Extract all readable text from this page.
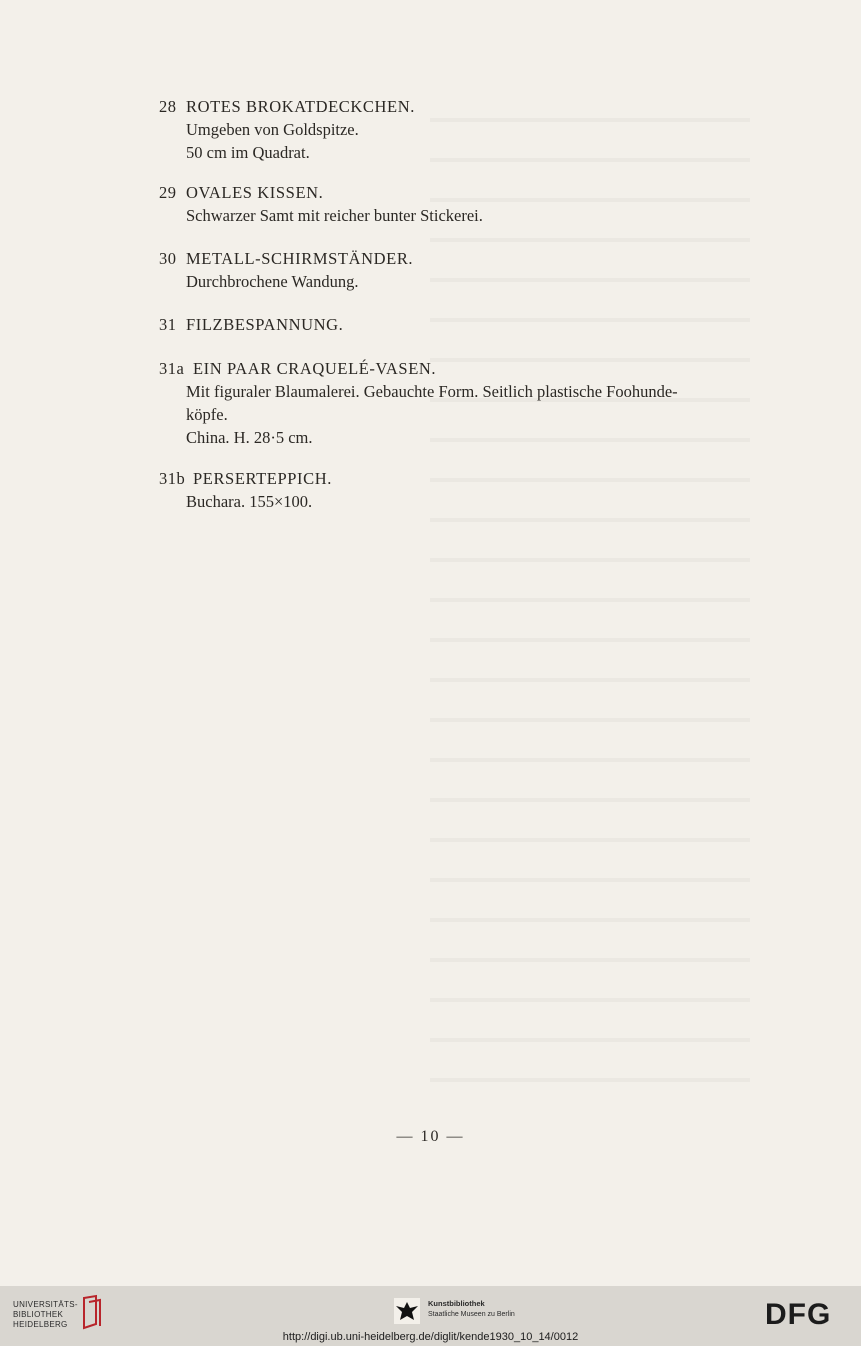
28 ROTES BROKATDECKCHEN.
Umgeben von Goldspitze.
50 cm im Quadrat.
29 OVALES KISSEN.
Schwarzer Samt mit reicher bunter Stickerei.
30 METALL-SCHIRMSTÄNDER.
Durchbrochene Wandung.
31 FILZBESPANNUNG.
31a EIN PAAR CRAQUELÉ-VASEN.
Mit figuraler Blaumalerei. Gebauchte Form. Seitlich plastische Foohunde-
köpfe.
China. H. 28·5 cm.
31b PERSERTEPPICH.
Buchara. 155×100.
— 10 —
UNIVERSITÄTS-
BIBLIOTHEK
HEIDELBERG
Kunstbibliothek
Staatliche Museen zu Berlin	DFG
http://digi.ub.uni-heidelberg.de/diglit/kende1930_10_14/0012
